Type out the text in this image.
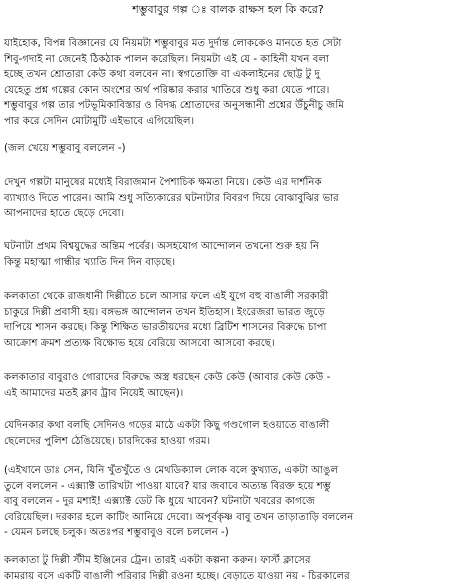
শম্ভুবাবুর গল্প ঃ বালক রাক্ষস হল কি করে?
যাইহোক, বিপন্ন বিজ্ঞানের যে নিয়মটা শম্ভুবাবুর মত দুর্দান্ত লোককেও মানতে হত সেটা
শিবু-গদাই না জেনেই ঠিকঠাক পালন করেছিল। নিয়মটা এই যে - কাহিনী যখন বলা
হচ্ছে তখন শ্রোতারা কেউ কথা বলবেন না। স্বগতোক্তি বা একলাইনের ছোট্ট টু দু
যেহেতু প্রশ্ন গল্পের কোন অংশের অর্থ পরিষ্কার করার খাতিরে শুধু করা যেতে পারে।
শম্ভুবাবুর গল্প তার পটভূমিকাবিস্তার ও বিদগ্ধ শ্রোতাদের অনুসন্ধানী প্রশ্নের উঁচুনীচু জমি
পার করে সেদিন মোটামুটি এইভাবে এগিয়েছিল।
(জল খেয়ে শম্ভুবাবু বললেন -)
দেখুন গল্পটা মানুষের মধ্যেই বিরাজমান পৈশাচিক ক্ষমতা নিয়ে। কেউ এর দার্শনিক
ব্যাখ্যাও দিতে পারেন। আমি শুধু সত্যিকারের ঘটনাটার বিবরণ দিয়ে বোঝাবুঝির ভার
আপনাদের হাতে ছেড়ে দেবো।
ঘটনাটা প্রথম বিশ্বযুদ্ধের অন্তিম পর্বের। অসহযোগ আন্দোলন তখনো শুরু হয় নি
কিন্তু মহাত্মা গান্ধীর খ্যাতি দিন দিন বাড়ছে।
কলকাতা থেকে রাজধানী দিল্লীতে চলে আসার ফলে এই যুগে বহু বাঙালী সরকারী
চাকুরে দিল্লী প্রবাসী হয়। বঙ্গভঙ্গ আন্দোলন তখন ইতিহাস। ইংরেজরা ভারত জুড়ে
দাপিয়ে শাসন করছে। কিন্তু শিক্ষিত ভারতীয়দের মধ্যে ব্রিটিশ শাসনের বিরুদ্ধে চাপা
আক্রোশ ক্রমশ প্রত্যক্ষ বিক্ষোভ হয়ে বেরিয়ে আসবো আসবো করছে।
কলকাতার বাবুরাও গোরাদের বিরুদ্ধে অস্ত্র ধরছেন কেউ কেউ (আবার কেউ কেউ -
এই আমাদের মতই ক্লাব ট্রাব নিয়েই আছেন)।
যেদিনকার কথা বলছি সেদিনও গড়ের মাঠে একটা কিছু গণ্ডগোল হওয়াতে বাঙালী
ছেলেদের পুলিশ ঠেঙিয়েছে। চারদিকের হাওয়া গরম।
(এইখানে ডাঃ সেন, যিনি খুঁতখুঁতে ও মেথডিক্যাল লোক বলে কুখ্যাত, একটা আঙুল
তুলে বললেন - এক্স্যাক্ট তারিখটা পাওয়া যাবে? যার জবাবে অত্যন্ত বিরক্ত হয়ে শম্ভু
বাবু বললেন - দুর মশাই! এক্স্যাক্ট ডেট কি ধুয়ে খাবেন? ঘটনাটা খবরের কাগজে
বেরিয়েছিল। দরকার হলে কাটিং আনিয়ে দেবো। অপূর্বকৃষ্ণ বাবু তখন তাড়াতাড়ি বললেন
- যেমন চলছে চলুক। অতঃপর শম্ভুবাবুও বলে চললেন -)
কলকাতা টু দিল্লী স্টীম ইঞ্জিনের ট্রেন। তারই একটা কল্পনা করুন। ফার্স্ট ক্লাসের
কামরায় বসে একটি বাঙালী পরিবার দিল্লী রওনা হচ্ছে। বেড়াতে যাওয়া নয় - চিরকালের
